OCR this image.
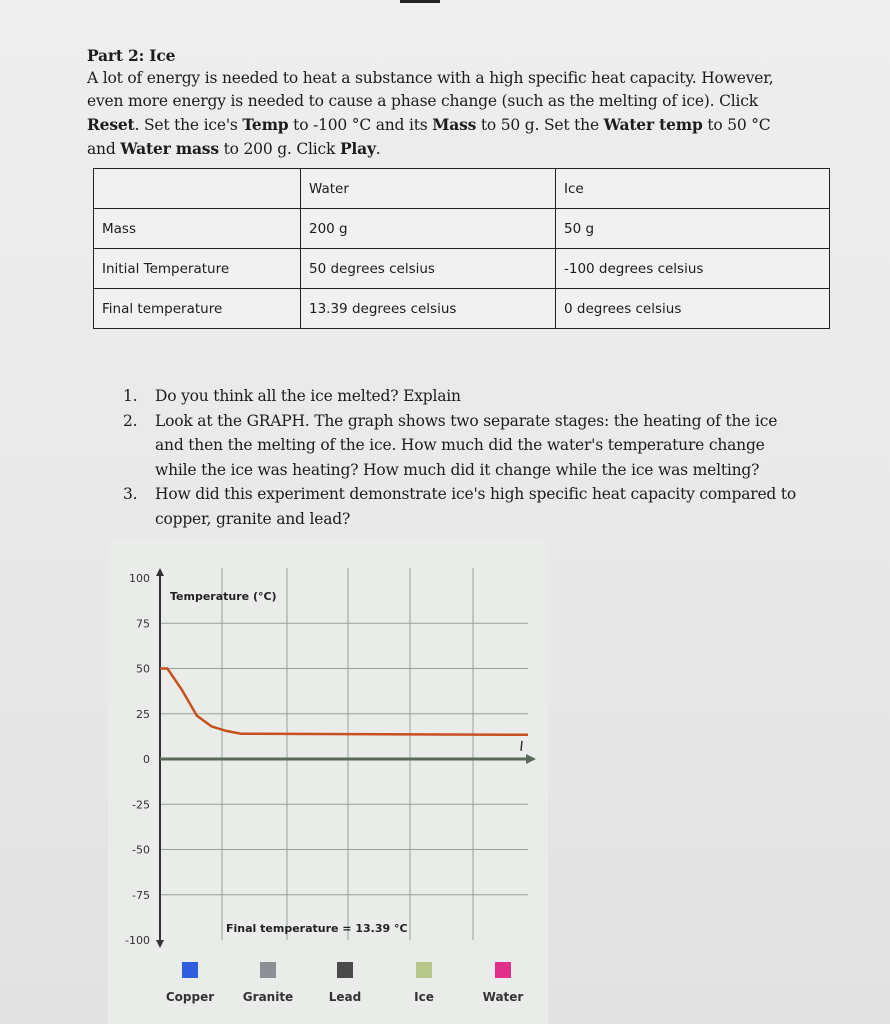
Part 2: Ice
A lot of energy is needed to heat a substance with a high specific heat capacity. However,
even more energy is needed to cause a phase change (such as the melting of ice). Click
Reset. Set the ice's Temp to -100 °C and its Mass to 50 g. Set the Water temp to 50 °C
and Water mass to 200 g. Click Play.
	Water	Ice
Mass	200 g	50 g
Initial Temperature	50 degrees celsius	-100 degrees celsius
Final temperature	13.39 degrees celsius	0 degrees celsius
1. Do you think all the ice melted? Explain
2. Look at the GRAPH. The graph shows two separate stages: the heating of the ice
and then the melting of the ice. How much did the water's temperature change
while the ice was heating? How much did it change while the ice was melting?
3. How did this experiment demonstrate ice's high specific heat capacity compared to
copper, granite and lead?
100
75
50
25
0
-25
-50
-75
-100
Temperature (°C)
Final temperature = 13.39 °C
Copper	Granite	Lead	Ice	Water
